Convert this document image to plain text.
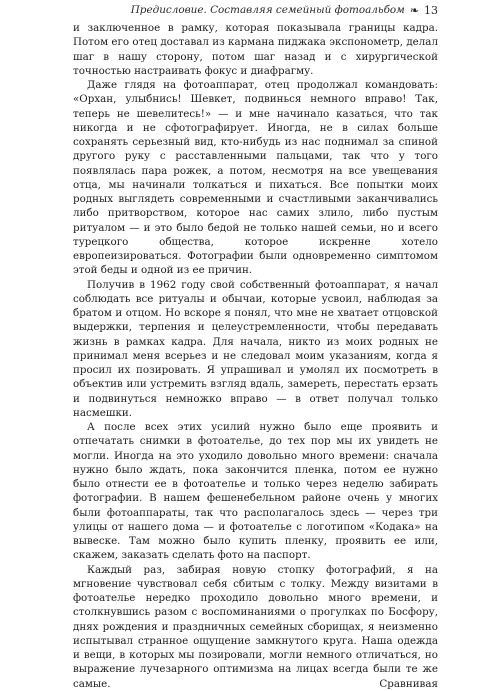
Предисловие. Составляя семейный фотоальбом ❧ 13

и заключенное в рамку, которая показывала границы кадра. Потом его отец доставал из кармана пиджака экспонометр, делал шаг в нашу сторону, потом шаг назад и с хирургической точностью настраивать фокус и диафрагму.

Даже глядя на фотоаппарат, отец продолжал командовать: «Орхан, улыбнись! Шевкет, подвинься немного вправо! Так, теперь не шевелитесь!» — и мне начинало казаться, что так никогда и не сфотографирует. Иногда, не в силах больше сохранять серьезный вид, кто-нибудь из нас поднимал за спиной другого руку с расставленными пальцами, так что у того появлялась пара рожек, а потом, несмотря на все увещевания отца, мы начинали толкаться и пихаться. Все попытки моих родных выглядеть современными и счастливыми заканчивались либо притворством, которое нас самих злило, либо пустым ритуалом — и это было бедой не только нашей семьи, но и всего турецкого общества, которое искренне хотело европеизироваться. Фотографии были одновременно симптомом этой беды и одной из ее причин.

Получив в 1962 году свой собственный фотоаппарат, я начал соблюдать все ритуалы и обычаи, которые усвоил, наблюдая за братом и отцом. Но вскоре я понял, что мне не хватает отцовской выдержки, терпения и целеустремленности, чтобы передавать жизнь в рамках кадра. Для начала, никто из моих родных не принимал меня всерьез и не следовал моим указаниям, когда я просил их позировать. Я упрашивал и умолял их посмотреть в объектив или устремить взгляд вдаль, замереть, перестать ерзать и подвинуться немножко вправо — в ответ получал только насмешки.

А после всех этих усилий нужно было еще проявить и отпечатать снимки в фотоателье, до тех пор мы их увидеть не могли. Иногда на это уходило довольно много времени: сначала нужно было ждать, пока закончится пленка, потом ее нужно было отнести ее в фотоателье и только через неделю забирать фотографии. В нашем фешенебельном районе очень у многих были фотоаппараты, так что располагалось здесь — через три улицы от нашего дома — и фотоателье с логотипом «Кодака» на вывеске. Там можно было купить пленку, проявить ее или, скажем, заказать сделать фото на паспорт.

Каждый раз, забирая новую стопку фотографий, я на мгновение чувствовал себя сбитым с толку. Между визитами в фотоателье нередко проходило довольно много времени, и столкнувшись разом с воспоминаниями о прогулках по Босфору, днях рождения и праздничных семейных сборищах, я неизменно испытывал странное ощущение замкнутого круга. Наша одежда и вещи, в которых мы позировали, могли немного отличаться, но выражение лучезарного оптимизма на лицах всегда были те же самые. Сравнивая
